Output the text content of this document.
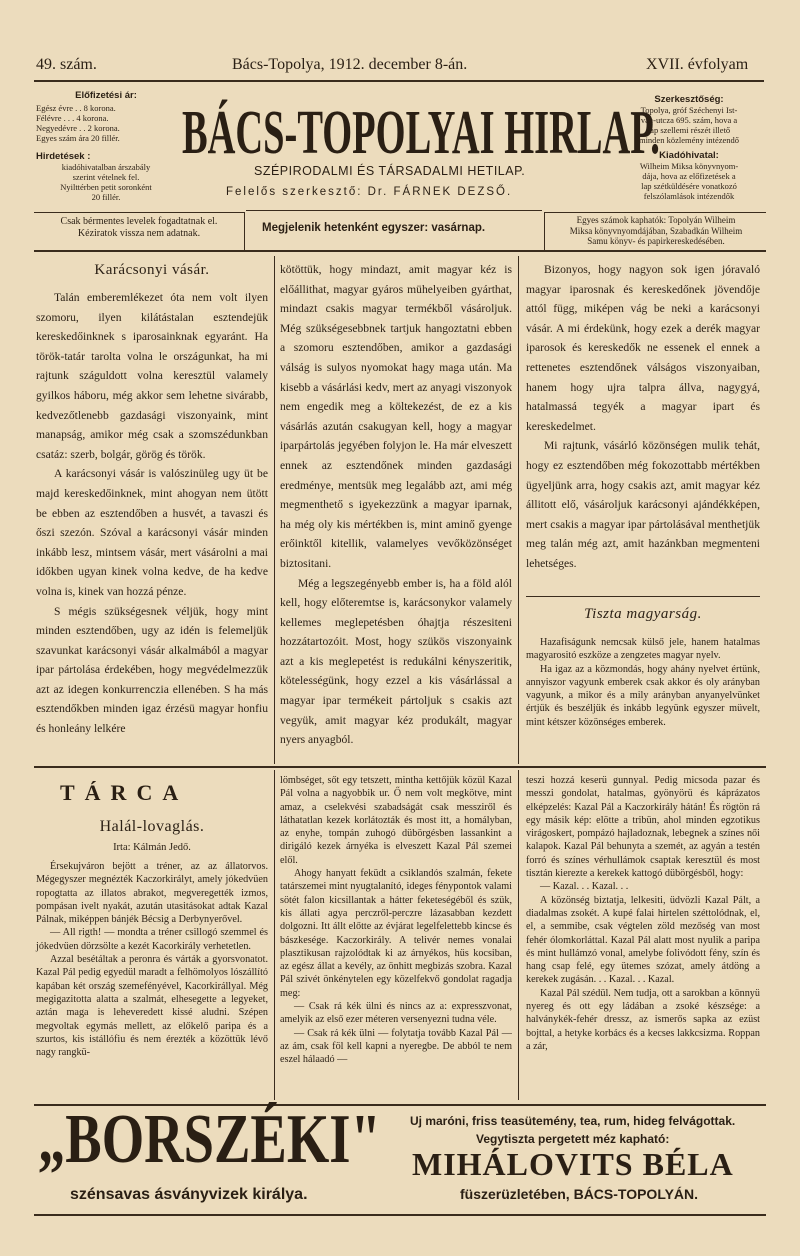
49. szám.	Bács-Topolya, 1912. december 8-án.	XVII. évfolyam
Előfizetési ár:
Egész évre . . 8 korona.
Félévre . . . 4 korona.
Negyedévre . . 2 korona.
Egyes szám ára 20 fillér.
Hirdetések :
kiadóhivatalban árszabály
szerint vételnek fel.
Nyilttérben petit soronként
20 fillér.
Csak bérmentes levelek fogadtatnak el.
Kéziratok vissza nem adatnak.
BÁCS-TOPOLYAI HIRLAP.
SZÉPIRODALMI ÉS TÁRSADALMI HETILAP.
Felelős szerkesztő: Dr. FÁRNEK DEZSŐ.
Megjelenik hetenként egyszer: vasárnap.
Szerkesztőség:
Topolya, gróf Széchenyi Ist-
ván-utcza 695. szám, hova a
lap szellemi részét illető
minden közlemény intézendő
Kiadóhivatal:
Wilheim Miksa könyvnyom-
dája, hova az előfizetések a
lap szétküldésére vonatkozó
felszólamlások intézendők
Egyes számok kaphatók: Topolyán Wilheim
Miksa könyvnyomdájában, Szabadkán Wilheim
Samu könyv- és papirkereskedésében.
Karácsonyi vásár.

Talán emberemlékezet óta nem volt ilyen szomoru, ilyen kilátástalan esztendejük kereskedőinknek s iparosainknak egyaránt. Ha török-tatár tarolta volna le országunkat, ha mi rajtunk száguldott volna keresztül valamely gyilkos háboru, még akkor sem lehetne sivárabb, kedvezőtlenebb gazdasági viszonyaink, mint manapság, amikor még csak a szomszédunkban csatáz: szerb, bolgár, görög és török.

A karácsonyi vásár is valószinüleg ugy üt be majd kereskedőinknek, mint ahogyan nem ütött be ebben az esztendőben a husvét, a tavaszi és őszi szezón. Szóval a karácsonyi vásár minden inkább lesz, mintsem vásár, mert vásárolni a mai időkben ugyan kinek volna kedve, de ha kedve volna is, kinek van hozzá pénze.

S mégis szükségesnek véljük, hogy mint minden esztendőben, ugy az idén is felemeljük szavunkat karácsonyi vásár alkalmából a magyar ipar pártolása érdekében, hogy megvédelmezzük azt az idegen konkurrenczia ellenében. S ha más esztendőkben minden igaz érzésü magyar honfiu és honleány lelkére

kötöttük, hogy mindazt, amit magyar kéz is előállithat, magyar gyáros mühelyeiben gyárthat, mindazt csakis magyar termékből vásároljuk. Még szükségesebbnek tartjuk hangoztatni ebben a szomoru esztendőben, amikor a gazdasági válság is sulyos nyomokat hagy maga után. Ma kisebb a vásárlási kedv, mert az anyagi viszonyok nem engedik meg a költekezést, de ez a kis vásárlás azután csakugyan kell, hogy a magyar iparpártolás jegyében folyjon le. Ha már elveszett ennek az esztendőnek minden gazdasági eredménye, mentsük meg legalább azt, ami még megmenthető s igyekezzünk a magyar iparnak, ha még oly kis mértékben is, mint aminő gyenge erőinktől kitellik, valamelyes vevőközönséget biztositani.

Még a legszegényebb ember is, ha a föld alól kell, hogy előteremtse is, karácsonykor valamely kellemes meglepetésben óhajtja részesiteni hozzátartozóit. Most, hogy szükös viszonyaink azt a kis meglepetést is redukálni kényszeritik, kötelességünk, hogy ezzel a kis vásárlással a magyar ipar termékeit pártoljuk s csakis azt vegyük, amit magyar kéz produkált, magyar nyers anyagból.

Bizonyos, hogy nagyon sok igen jóravaló magyar iparosnak és kereskedőnek jövendője attól függ, miképen vág be neki a karácsonyi vásár. A mi érdekünk, hogy ezek a derék magyar iparosok és kereskedők ne essenek el ennek a rettenetes esztendőnek válságos viszonyaiban, hanem hogy ujra talpra állva, nagygyá, hatalmassá tegyék a magyar ipart és kereskedelmet.

Mi rajtunk, vásárló közönségen mulik tehát, hogy ez esztendőben még fokozottabb mértékben ügyeljünk arra, hogy csakis azt, amit magyar kéz állitott elő, vásároljuk karácsonyi ajándékképen, mert csakis a magyar ipar pártolásával menthetjük meg talán még azt, amit hazánkban megmenteni lehetséges.

Tiszta magyarság.

Hazafiságunk nemcsak külső jele, hanem hatalmas magyarositó eszköze a zengzetes magyar nyelv.

Ha igaz az a közmondás, hogy ahány nyelvet értünk, annyiszor vagyunk emberek csak akkor és oly arányban vagyunk, a mikor és a mily arányban anyanyelvünket értjük és beszéljük és inkább legyünk egyszer müvelt, mint kétszer közönséges emberek.

TÁRCA
Halál-lovaglás.
Irta: Kálmán Jedő.

Érsekujváron bejött a tréner, az az állatorvos. Mégegyszer megnézték Kaczorkirályt, amely jókedvüen ropogtatta az illatos abrakot, megveregették izmos, pompásan ivelt nyakát, azután utasitásokat adtak Kazal Pálnak, miképpen bánjék Bécsig a Derbynyerővel.

— All rigth! — mondta a tréner csillogó szemmel és jókedvüen dörzsölte a kezét Kacorkirály verhetetlen.

Azzal besétáltak a peronra és várták a gyorsvonatot. Kazal Pál pedig egyedül maradt a felhömolyos lószállító kapában két ország szemefényével, Kacorkirállyal. Még megigazitotta alatta a szalmát, elhesegette a legyeket, aztán maga is leheveredett kissé aludni. Szépen megvoltak egymás mellett, az előkelő paripa és a szurtos, kis istállófiu és nem érezték a közöttük lévő nagy rangkü-

lömbséget, sőt egy tetszett, mintha kettőjük közül Kazal Pál volna a nagyobbik ur. Ő nem volt megkötve, mint amaz, a cselekvési szabadságát csak messziről és láthatatlan kezek korlátozták és most itt, a homályban, az enyhe, tompán zuhogó dübörgésben lassankint a dirigáló kezek árnyéka is elveszett Kazal Pál szemei elől.

Ahogy hanyatt feküdt a csiklandós szalmán, fekete tatárszemei mint nyugtalanító, ideges fénypontok valami sötét falon kicsillantak a hátter feketeségéből és szük, kis állati agya perczről-perczre lázasabban kezdett dolgozni. Itt állt előtte az évjárat legelfelettebb kincse és bászkesége. Kaczorkirály. A telivér nemes vonalai plasztikusan rajzolódtak ki az árnyékos, hüs kocsiban, az egész állat a kevély, az önhitt megbizás szobra. Kazal Pál szivét önkénytelen egy közelfekvő gondolat ragadja meg:

— Csak rá kék ülni és nincs az a: expresszvonat, amelyik az első ezer méteren versenyezni tudna véle.

— Csak rá kék ülni — folytatja tovább Kazal Pál — az ám, csak föl kell kapni a nyeregbe. De abból te nem eszel hálaadó —

teszi hozzá keserü gunnyal. Pedig micsoda pazar és messzi gondolat, hatalmas, gyönyörü és káprázatos elképzelés: Kazal Pál a Kaczorkirály hátán! És rögtön rá egy másik kép: elötte a tribün, ahol minden egzotikus virágoskert, pompázó hajladoznak, lebegnek a színes női kalapok. Kazal Pál behunyta a szemét, az agyán a testén forró és színes vérhullámok csaptak keresztül és most tisztán kierezte a kerekek kattogó dübörgésből, hogy:

— Kazal. . . Kazal. . .

A közönség biztatja, lelkesiti, üdvözli Kazal Pált, a diadalmas zsokét. A kupé falai hirtelen széttolódnak, el, el, a semmibe, csak végtelen zöld mezőség van most fehér ólomkorláttal. Kazal Pál alatt most nyulik a paripa és mint hullámzó vonal, amelybe folivódott fény, szín és hang csap felé, egy ütemes szózat, amely átdöng a kerekek zugásán. . . Kazal. . . Kazal.

Kazal Pál szédül. Nem tudja, ott a sarokban a könnyü nyereg és ott egy ládában a zsoké készsége: a halványkék-fehér dressz, az ismerős sapka az ezüst bojttal, a hetyke korbács és a kecses lakkcsizma. Roppan a zár,

„BORSZÉKI"
szénsavas ásványvizek királya.
Uj maróni, friss teasütemény, tea, rum, hideg felvágottak.
Vegytiszta pergetett méz kapható:
MIHÁLOVITS BÉLA
füszerüzletében, BÁCS-TOPOLYÁN.
